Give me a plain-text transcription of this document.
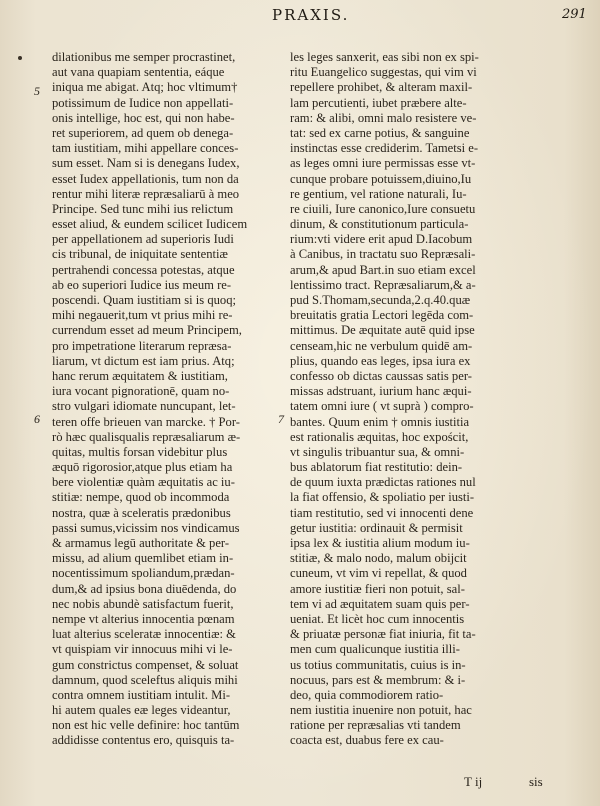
PRAXIS.	291
5
6	7
dilationibus me semper procrastinet,
aut vana quapiam sententia, eáque
iniqua me abigat. Atq; hoc vltimum†
potissimum de Iudice non appellati-
onis intellige, hoc est, qui non habe-
ret superiorem, ad quem ob denega-
tam iustitiam, mihi appellare conces-
sum esset. Nam si is denegans Iudex,
esset Iudex appellationis, tum non da
rentur mihi literæ repræsaliarū à meo
Principe. Sed tunc mihi ius relictum
esset aliud, & eundem scilicet Iudicem
per appellationem ad superioris Iudi
cis tribunal, de iniquitate sententiæ
pertrahendi concessa potestas, atque
ab eo superiori Iudice ius meum re-
poscendi. Quam iustitiam si is quoq;
mihi negauerit,tum vt prius mihi re-
currendum esset ad meum Principem,
pro impetratione literarum repræsa-
liarum, vt dictum est iam prius. Atq;
hanc rerum æquitatem & iustitiam,
iura vocant pignorationē, quam no-
stro vulgari idiomate nuncupant, let-
teren offe brieuen van marcke. † Por-
rò hæc qualisqualis repræsaliarum æ-
quitas, multis forsan videbitur plus
æquō rigorosior,atque plus etiam ha
bere violentiæ quàm æquitatis ac iu-
stitiæ: nempe, quod ob incommoda
nostra, quæ à sceleratis prædonibus
passi sumus,vicissim nos vindicamus
& armamus legū authoritate & per-
missu, ad alium quemlibet etiam in-
nocentissimum spoliandum,prædan-
dum,& ad ipsius bona diuēdenda, do
nec nobis abundè satisfactum fuerit,
nempe vt alterius innocentia pœnam
luat alterius sceleratæ innocentiæ: &
vt quispiam vir innocuus mihi vi le-
gum constrictus compenset, & soluat
damnum, quod sceleftus aliquis mihi
contra omnem iustitiam intulit. Mi-
hi autem quales eæ leges videantur,
non est hic velle definire: hoc tantūm
addidisse contentus ero, quisquis ta-
les leges sanxerit, eas sibi non ex spi-
ritu Euangelico suggestas, qui vim vi
repellere prohibet, & alteram maxil-
lam percutienti, iubet præbere alte-
ram: & alibi, omni malo resistere ve-
tat: sed ex carne potius, & sanguine
instinctas esse crediderim. Tametsi e-
as leges omni iure permissas esse vt-
cunque probare potuissem,diuino,Iu
re gentium, vel ratione naturali, Iu-
re ciuili, Iure canonico,Iure consuetu
dinum, & constitutionum particula-
rium:vti videre erit apud D.Iacobum
à Canibus, in tractatu suo Repræsali-
arum,& apud Bart.in suo etiam excel
lentissimo tract. Repræsaliarum,& a-
pud S.Thomam,secunda,2.q.40.quæ
breuitatis gratia Lectori legēda com-
mittimus. De æquitate autē quid ipse
censeam,hic ne verbulum quidē am-
plius, quando eas leges, ipsa iura ex
confesso ob dictas caussas satis per-
missas adstruant, iurium hanc æqui-
tatem omni iure ( vt suprà ) compro-
bantes. Quum enim † omnis iustitia
est rationalis æquitas, hoc expościt,
vt singulis tribuantur sua, & omni-
bus ablatorum fiat restitutio: dein-
de quum iuxta prædictas rationes nul
la fiat offensio, & spoliatio per iusti-
tiam restitutio, sed vi innocenti dene
getur iustitia: ordinauit & permisit
ipsa lex & iustitia alium modum iu-
stitiæ, & malo nodo, malum obijcit
cuneum, vt vim vi repellat, & quod
amore iustitiæ fieri non potuit, sal-
tem vi ad æquitatem suam quis per-
ueniat. Et licèt hoc cum innocentis
& priuatæ personæ fiat iniuria, fit ta-
men cum qualicunque iustitia illi-
us totius communitatis, cuius is in-
nocuus, pars est & membrum: & i-
deo, quia commodiorem ratio-
nem iustitia inuenire non potuit, hac
ratione per repræsalias vti tandem
coacta est, duabus fere ex cau-
T ij	sis
